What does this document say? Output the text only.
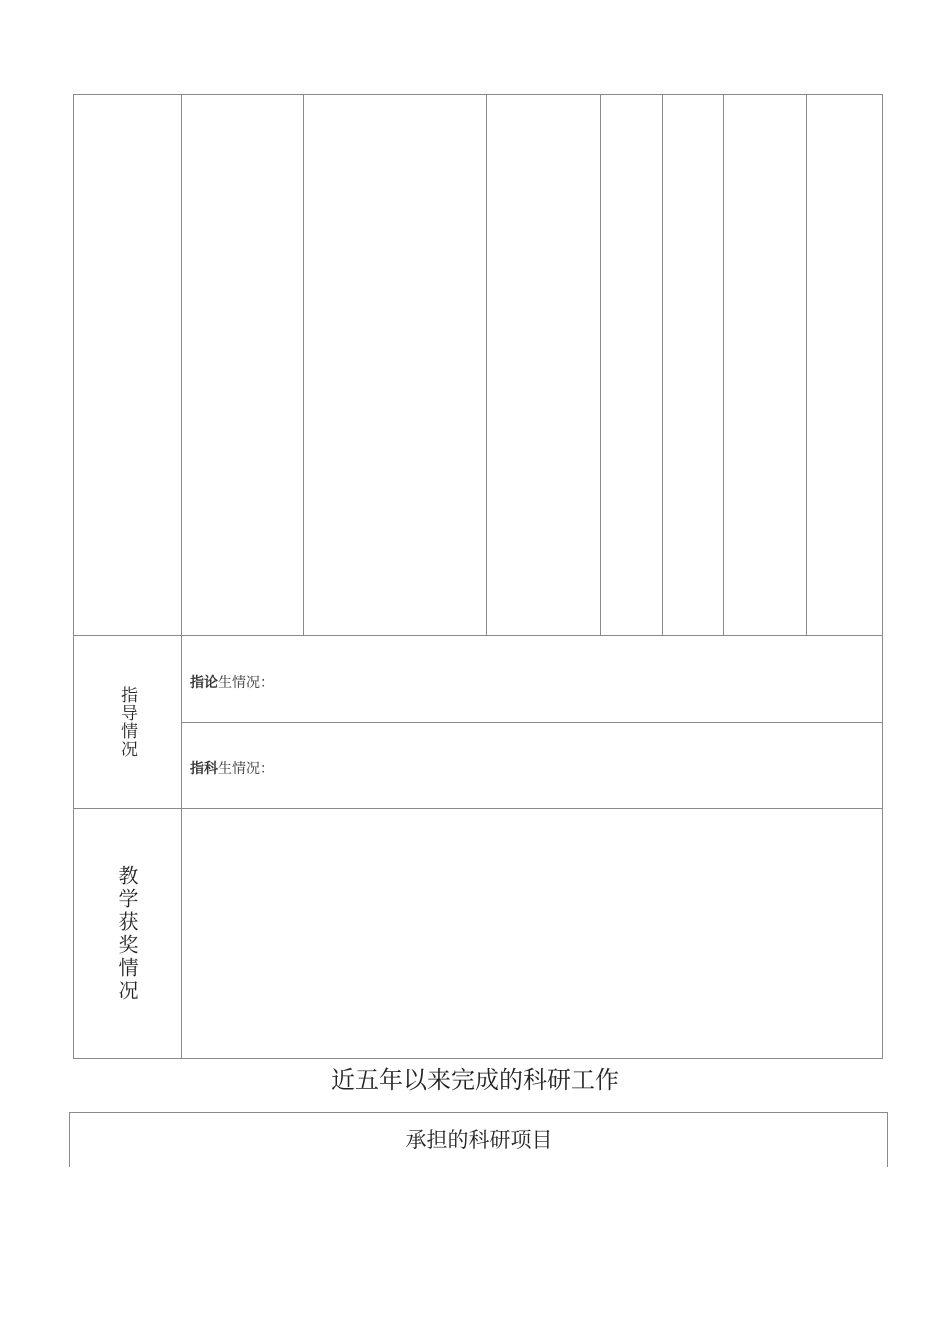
指导情况
指论生情况：
指科生情况：
教学获奖情况
近五年以来完成的科研工作
承担的科研项目
